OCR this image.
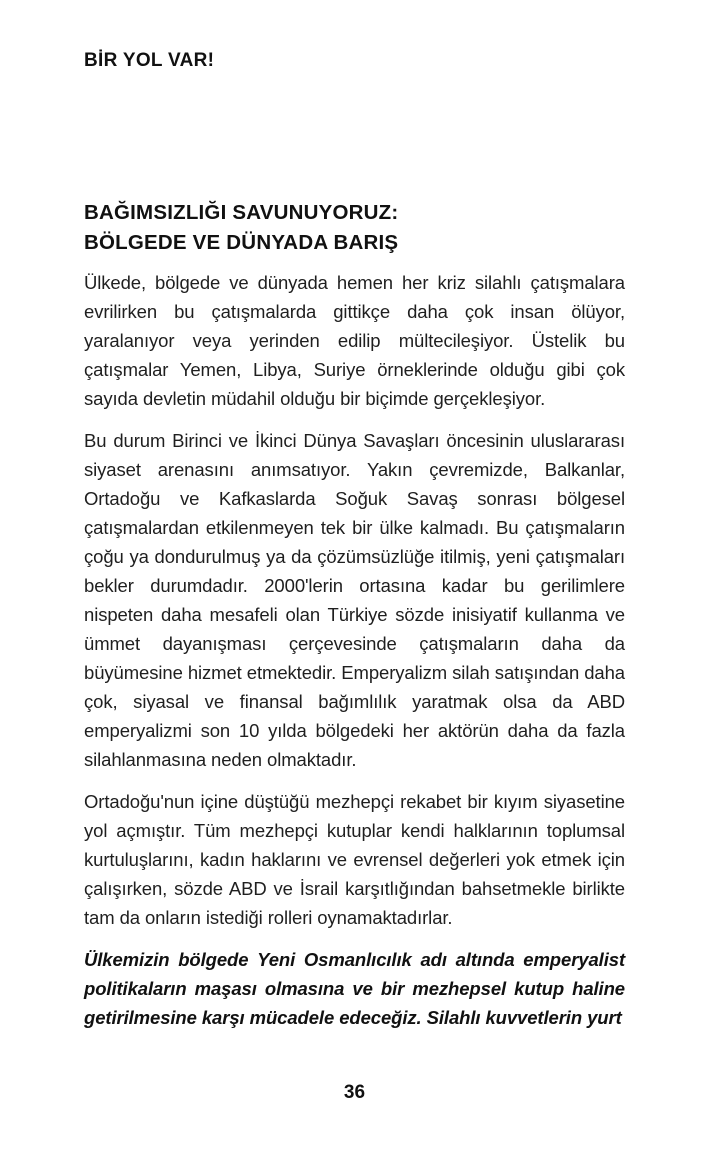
BİR YOL VAR!
BAĞIMSIZLIĞI SAVUNUYORUZ:
BÖLGEDE VE DÜNYADA BARIŞ

Ülkede, bölgede ve dünyada hemen her kriz silahlı çatışmalara evrilirken bu çatışmalarda gittikçe daha çok insan ölüyor, yaralanıyor veya yerinden edilip mültecileşiyor. Üstelik bu çatışmalar Yemen, Libya, Suriye örneklerinde olduğu gibi çok sayıda devletin müdahil olduğu bir biçimde gerçekleşiyor.

Bu durum Birinci ve İkinci Dünya Savaşları öncesinin uluslararası siyaset arenasını anımsatıyor. Yakın çevremizde, Balkanlar, Ortadoğu ve Kafkaslarda Soğuk Savaş sonrası bölgesel çatışmalardan etkilenmeyen tek bir ülke kalmadı. Bu çatışmaların çoğu ya dondurulmuş ya da çözümsüzlüğe itilmiş, yeni çatışmaları bekler durumdadır. 2000'lerin ortasına kadar bu gerilimlere nispeten daha mesafeli olan Türkiye sözde inisiyatif kullanma ve ümmet dayanışması çerçevesinde çatışmaların daha da büyümesine hizmet etmektedir. Emperyalizm silah satışından daha çok, siyasal ve finansal bağımlılık yaratmak olsa da ABD emperyalizmi son 10 yılda bölgedeki her aktörün daha da fazla silahlanmasına neden olmaktadır.

Ortadoğu'nun içine düştüğü mezhepçi rekabet bir kıyım siyasetine yol açmıştır. Tüm mezhepçi kutuplar kendi halklarının toplumsal kurtuluşlarını, kadın haklarını ve evrensel değerleri yok etmek için çalışırken, sözde ABD ve İsrail karşıtlığından bahsetmekle birlikte tam da onların istediği rolleri oynamaktadırlar.

Ülkemizin bölgede Yeni Osmanlıcılık adı altında emperyalist politikaların maşası olmasına ve bir mezhepsel kutup haline getirilmesine karşı mücadele edeceğiz. Silahlı kuvvetlerin yurt

36
